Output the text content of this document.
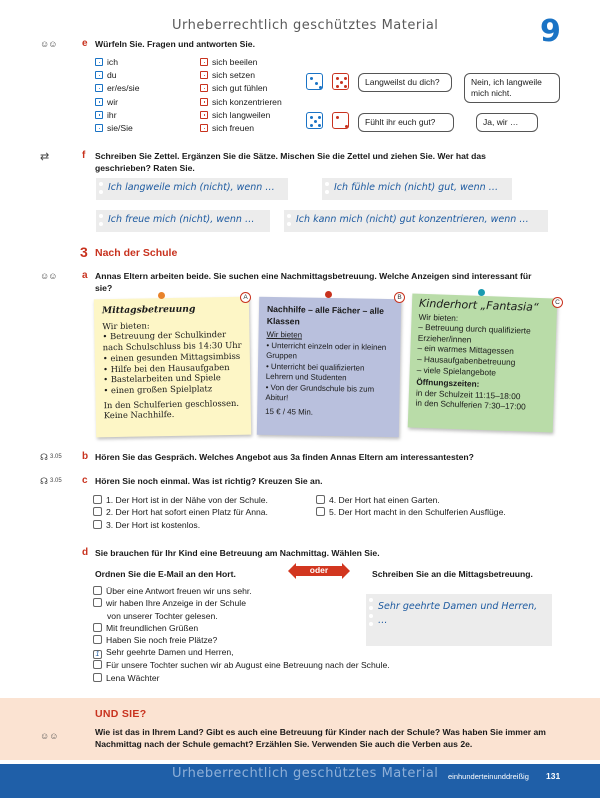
Urheberrechtlich geschütztes Material	9
☺☺	e Würfeln Sie. Fragen und antworten Sie.
ich
du
er/es/sie
wir
ihr
sie/Sie
sich beeilen
sich setzen
sich gut fühlen
sich konzentrieren
sich langweilen
sich freuen
Langweilst du dich?	Nein, ich langweile mich nicht.
Fühlt ihr euch gut?	Ja, wir …
⇄	f Schreiben Sie Zettel. Ergänzen Sie die Sätze. Mischen Sie die Zettel und ziehen Sie. Wer hat das geschrieben? Raten Sie.
Ich langweile mich (nicht), wenn …	Ich fühle mich (nicht) gut, wenn …
Ich freue mich (nicht), wenn …	Ich kann mich (nicht) gut konzentrieren, wenn …
3 Nach der Schule
☺☺	a Annas Eltern arbeiten beide. Sie suchen eine Nachmittagsbetreuung. Welche Anzeigen sind interessant für sie?
Mittagsbetreuung
Wir bieten:
• Betreuung der Schulkinder nach Schulschluss bis 14:30 Uhr
• einen gesunden Mittagsimbiss
• Hilfe bei den Hausaufgaben
• Bastelarbeiten und Spiele
• einen großen Spielplatz
In den Schulferien geschlossen. Keine Nachhilfe.
A
Nachhilfe – alle Fächer – alle Klassen
Wir bieten
• Unterricht einzeln oder in kleinen Gruppen
• Unterricht bei qualifizierten Lehrern und Studenten
• Von der Grundschule bis zum Abitur!
15 € / 45 Min.
B	Kinderhort „Fantasia“
Wir bieten:
– Betreuung durch qualifizierte Erzieher/innen
– ein warmes Mittagessen
– Hausaufgabenbetreuung
– viele Spielangebote
Öffnungszeiten:
in der Schulzeit 11:15–18:00
in den Schulferien 7:30–17:00
C
☊ 3.05 b Hören Sie das Gespräch. Welches Angebot aus 3a finden Annas Eltern am interessantesten?
☊ 3.05 c Hören Sie noch einmal. Was ist richtig? Kreuzen Sie an.
1. Der Hort ist in der Nähe von der Schule.
2. Der Hort hat sofort einen Platz für Anna.
3. Der Hort ist kostenlos.
4. Der Hort hat einen Garten.
5. Der Hort macht in den Schulferien Ausflüge.
d Sie brauchen für Ihr Kind eine Betreuung am Nachmittag. Wählen Sie.
Ordnen Sie die E-Mail an den Hort.	oder	Schreiben Sie an die Mittagsbetreuung.
Über eine Antwort freuen wir uns sehr.
wir haben Ihre Anzeige in der Schule
von unserer Tochter gelesen.
Mit freundlichen Grüßen
Haben Sie noch freie Plätze?
1 Sehr geehrte Damen und Herren,
Für unsere Tochter suchen wir ab August eine Betreuung nach der Schule.
Lena Wächter
Sehr geehrte Damen und Herren,
…
☺☺
UND SIE?
Wie ist das in Ihrem Land? Gibt es auch eine Betreuung für Kinder nach der Schule? Was haben Sie immer am Nachmittag nach der Schule gemacht? Erzählen Sie. Verwenden Sie auch die Verben aus 2e.
Urheberrechtlich geschütztes Material einhunderteinunddreißig 131
